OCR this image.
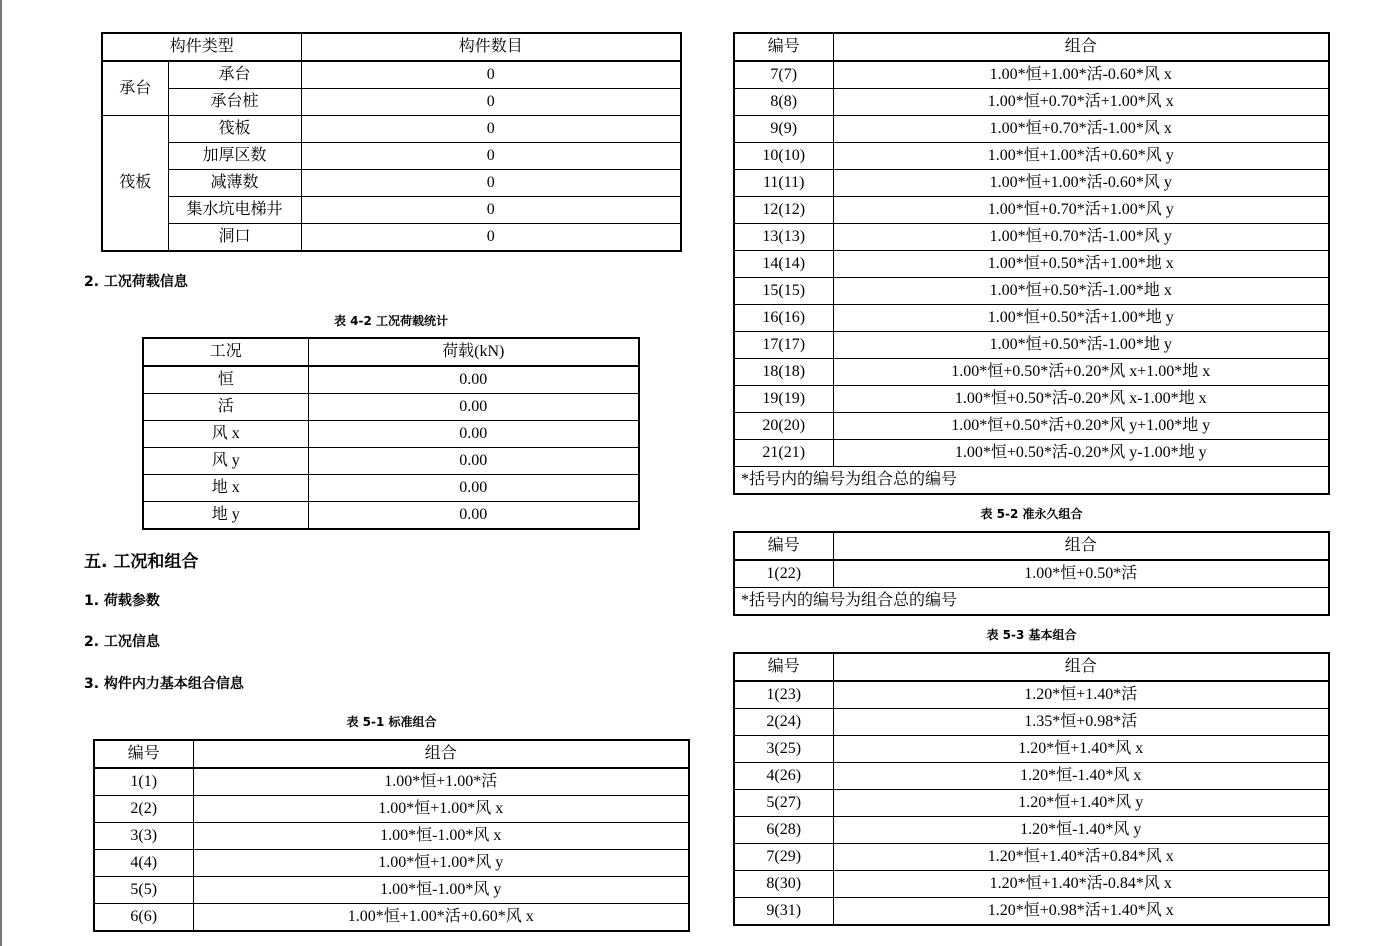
构件类型		构件数目
承台	承台	0
	承台桩	0
筏板	筏板	0
	加厚区数	0
	减薄数	0
	集水坑电梯井	0
	洞口	0
2. 工况荷载信息
表 4-2 工况荷载统计
工况	荷载(kN)
恒	0.00
活	0.00
风 x	0.00
风 y	0.00
地 x	0.00
地 y	0.00
五. 工况和组合
1. 荷载参数
2. 工况信息
3. 构件内力基本组合信息
表 5-1 标准组合
编号	组合
1(1)	1.00*恒+1.00*活
2(2)	1.00*恒+1.00*风 x
3(3)	1.00*恒-1.00*风 x
4(4)	1.00*恒+1.00*风 y
5(5)	1.00*恒-1.00*风 y
6(6)	1.00*恒+1.00*活+0.60*风 x
编号	组合
7(7)	1.00*恒+1.00*活-0.60*风 x
8(8)	1.00*恒+0.70*活+1.00*风 x
9(9)	1.00*恒+0.70*活-1.00*风 x
10(10)	1.00*恒+1.00*活+0.60*风 y
11(11)	1.00*恒+1.00*活-0.60*风 y
12(12)	1.00*恒+0.70*活+1.00*风 y
13(13)	1.00*恒+0.70*活-1.00*风 y
14(14)	1.00*恒+0.50*活+1.00*地 x
15(15)	1.00*恒+0.50*活-1.00*地 x
16(16)	1.00*恒+0.50*活+1.00*地 y
17(17)	1.00*恒+0.50*活-1.00*地 y
18(18)	1.00*恒+0.50*活+0.20*风 x+1.00*地 x
19(19)	1.00*恒+0.50*活-0.20*风 x-1.00*地 x
20(20)	1.00*恒+0.50*活+0.20*风 y+1.00*地 y
21(21)	1.00*恒+0.50*活-0.20*风 y-1.00*地 y
*括号内的编号为组合总的编号	
表 5-2 准永久组合
编号	组合
1(22)	1.00*恒+0.50*活
*括号内的编号为组合总的编号	
表 5-3 基本组合
编号	组合
1(23)	1.20*恒+1.40*活
2(24)	1.35*恒+0.98*活
3(25)	1.20*恒+1.40*风 x
4(26)	1.20*恒-1.40*风 x
5(27)	1.20*恒+1.40*风 y
6(28)	1.20*恒-1.40*风 y
7(29)	1.20*恒+1.40*活+0.84*风 x
8(30)	1.20*恒+1.40*活-0.84*风 x
9(31)	1.20*恒+0.98*活+1.40*风 x
